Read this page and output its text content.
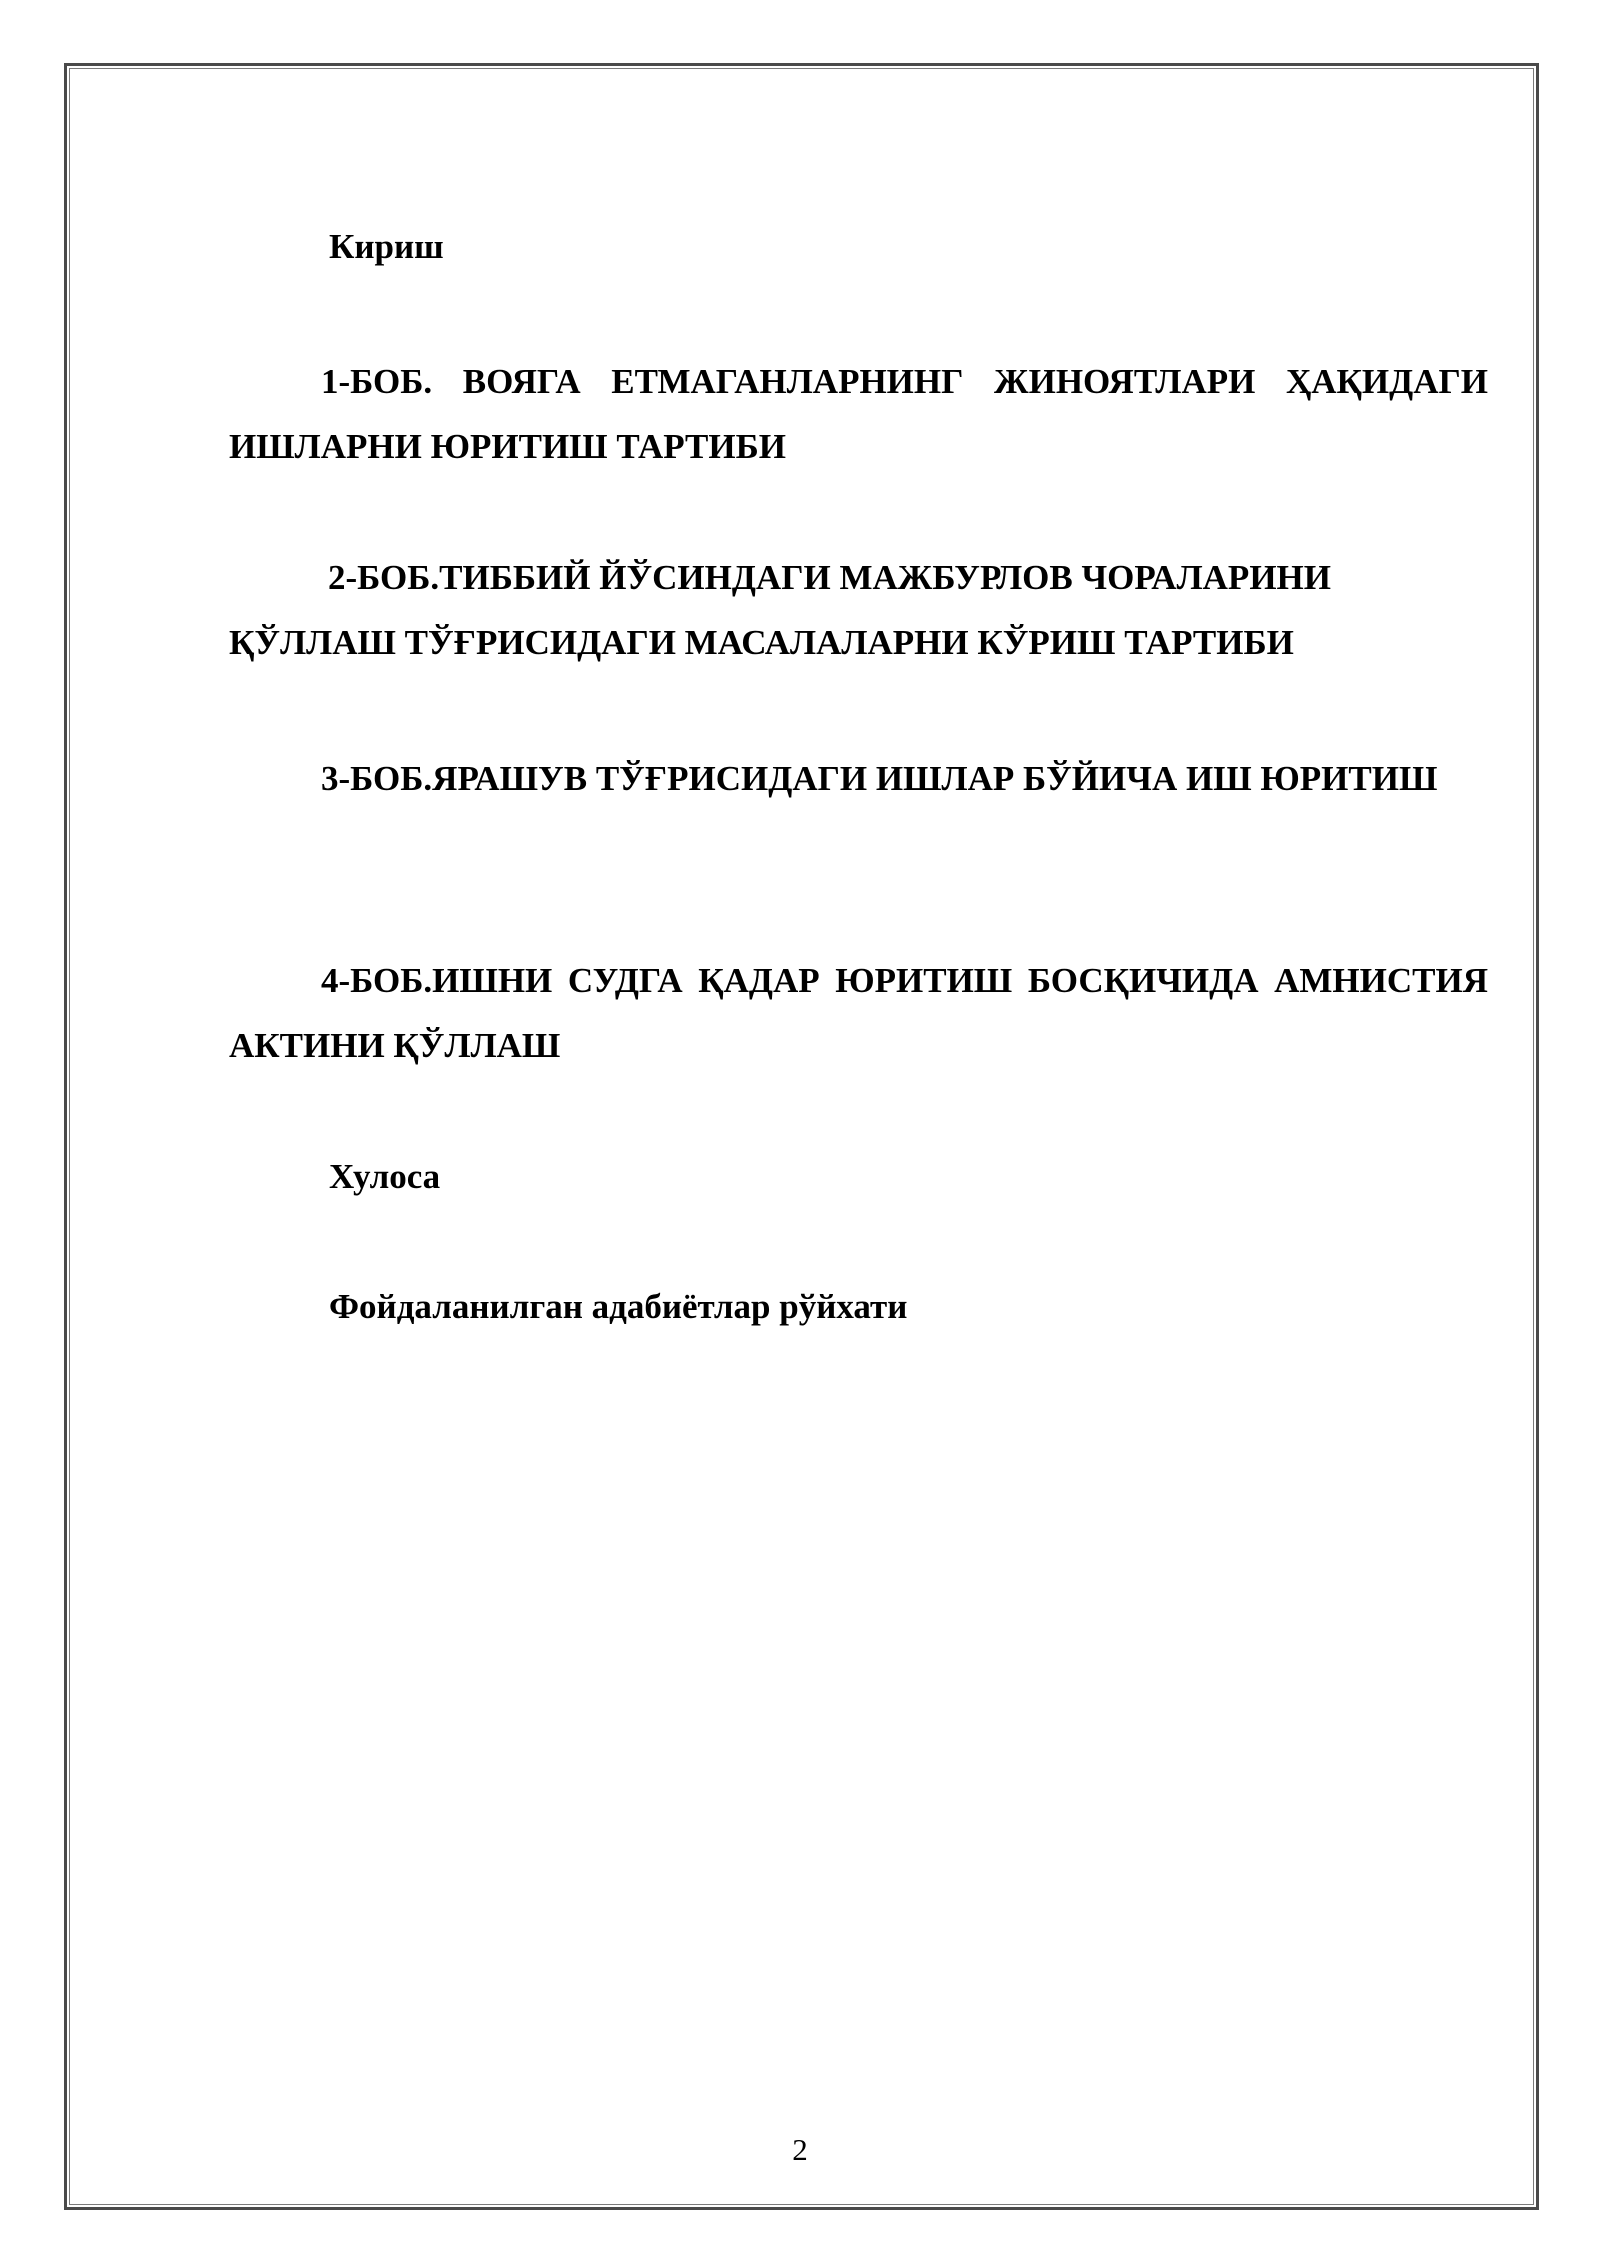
Кириш

1-БОБ. ВОЯГА ЕТМАГАНЛАРНИНГ ЖИНОЯТЛАРИ ҲАҚИДАГИ ИШЛАРНИ ЮРИТИШ ТАРТИБИ

2-БОБ.ТИББИЙ ЙЎСИНДАГИ МАЖБУРЛОВ ЧОРАЛАРИНИ ҚЎЛЛАШ ТЎҒРИСИДАГИ МАСАЛАЛАРНИ КЎРИШ ТАРТИБИ

3-БОБ.ЯРАШУВ ТЎҒРИСИДАГИ ИШЛАР БЎЙИЧА ИШ ЮРИТИШ

4-БОБ.ИШНИ СУДГА ҚАДАР ЮРИТИШ БОСҚИЧИДА АМНИСТИЯ АКТИНИ ҚЎЛЛАШ

Хулоса

Фойдаланилган адабиётлар рўйхати

2
